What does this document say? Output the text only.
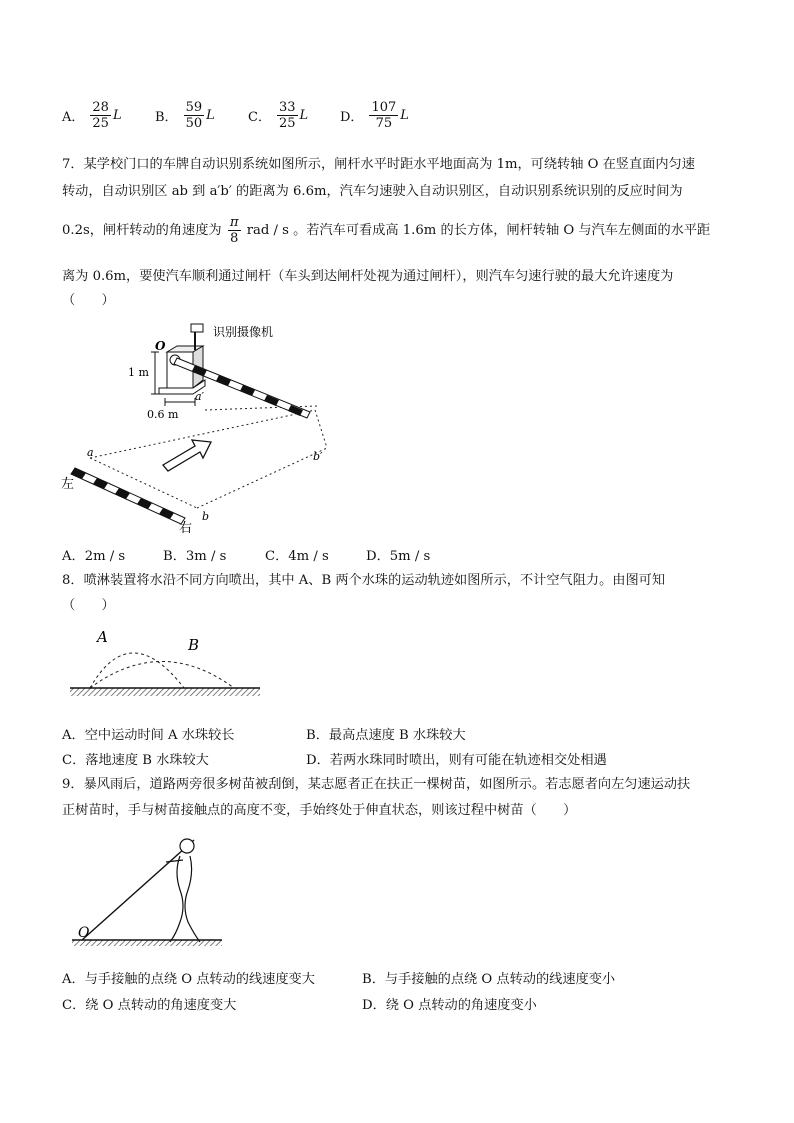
A． $\frac{28}{25}$ L	B． $\frac{59}{50}$ L	C． $\frac{33}{25}$ L D． $\frac{107}{75}$ L
7．某学校门口的车牌自动识别系统如图所示，闸杆水平时距水平地面高为 1m，可绕转轴 O 在竖直面内匀速
转动，自动识别区 ab 到 a′b′ 的距离为 6.6m，汽车匀速驶入自动识别区，自动识别系统识别的反应时间为
0.2s，闸杆转动的角速度为 $\frac{\pi}{8}$ rad / s 。若汽车可看成高 1.6m 的长方体，闸杆转轴 O 与汽车左侧面的水平距
离为 0.6m，要使汽车顺利通过闸杆（车头到达闸杆处视为通过闸杆），则汽车匀速行驶的最大允许速度为
（　　）
识别摄像机
O
1 m
0.6 m
a′
b′
a
b
左
右
A．2m / s	B．3m / s	C．4m / s	D．5m / s
8．喷淋装置将水沿不同方向喷出，其中 A、B 两个水珠的运动轨迹如图所示，不计空气阻力。由图可知
（　　）
A	B
A．空中运动时间 A 水珠较长	B．最高点速度 B 水珠较大
C．落地速度 B 水珠较大	D．若两水珠同时喷出，则有可能在轨迹相交处相遇
9．暴风雨后，道路两旁很多树苗被刮倒，某志愿者正在扶正一棵树苗，如图所示。若志愿者向左匀速运动扶
正树苗时，手与树苗接触点的高度不变，手始终处于伸直状态，则该过程中树苗（　　）
O
A．与手接触的点绕 O 点转动的线速度变大	B．与手接触的点绕 O 点转动的线速度变小
C．绕 O 点转动的角速度变大	D．绕 O 点转动的角速度变小
